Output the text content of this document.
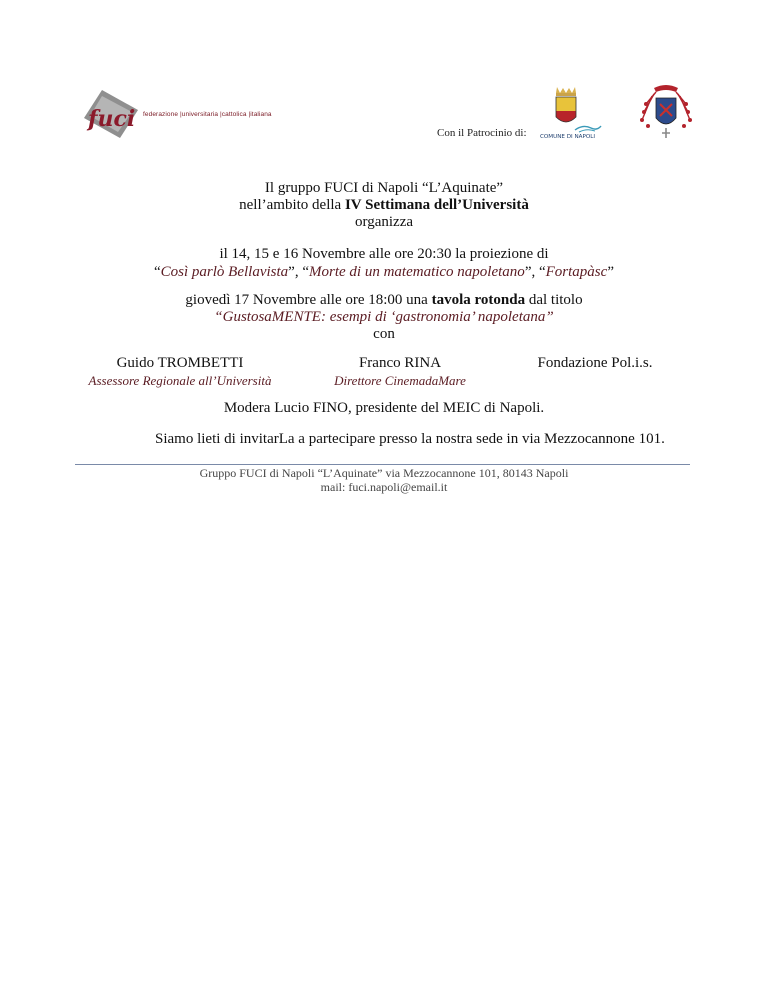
fuci federazione |universitaria |cattolica |italiana
Con il Patrocinio di: COMUNE DI NAPOLI
Il gruppo FUCI di Napoli “L’Aquinate”
nell’ambito della IV Settimana dell’Università
organizza
il 14, 15 e 16 Novembre alle ore 20:30 la proiezione di
“Così parlò Bellavista”, “Morte di un matematico napoletano”, “Fortapàsc”
giovedì 17 Novembre alle ore 18:00 una tavola rotonda dal titolo
“GustosaMENTE: esempi di ‘gastronomia’ napoletana”
con
Guido TROMBETTI
Assessore Regionale all’Università
Franco RINA
Direttore CinemadaMare
Fondazione Pol.i.s.
Modera Lucio FINO, presidente del MEIC di Napoli.
Siamo lieti di invitarLa a partecipare presso la nostra sede in via Mezzocannone 101.
Gruppo FUCI di Napoli “L’Aquinate” via Mezzocannone 101, 80143 Napoli
mail: fuci.napoli@email.it
